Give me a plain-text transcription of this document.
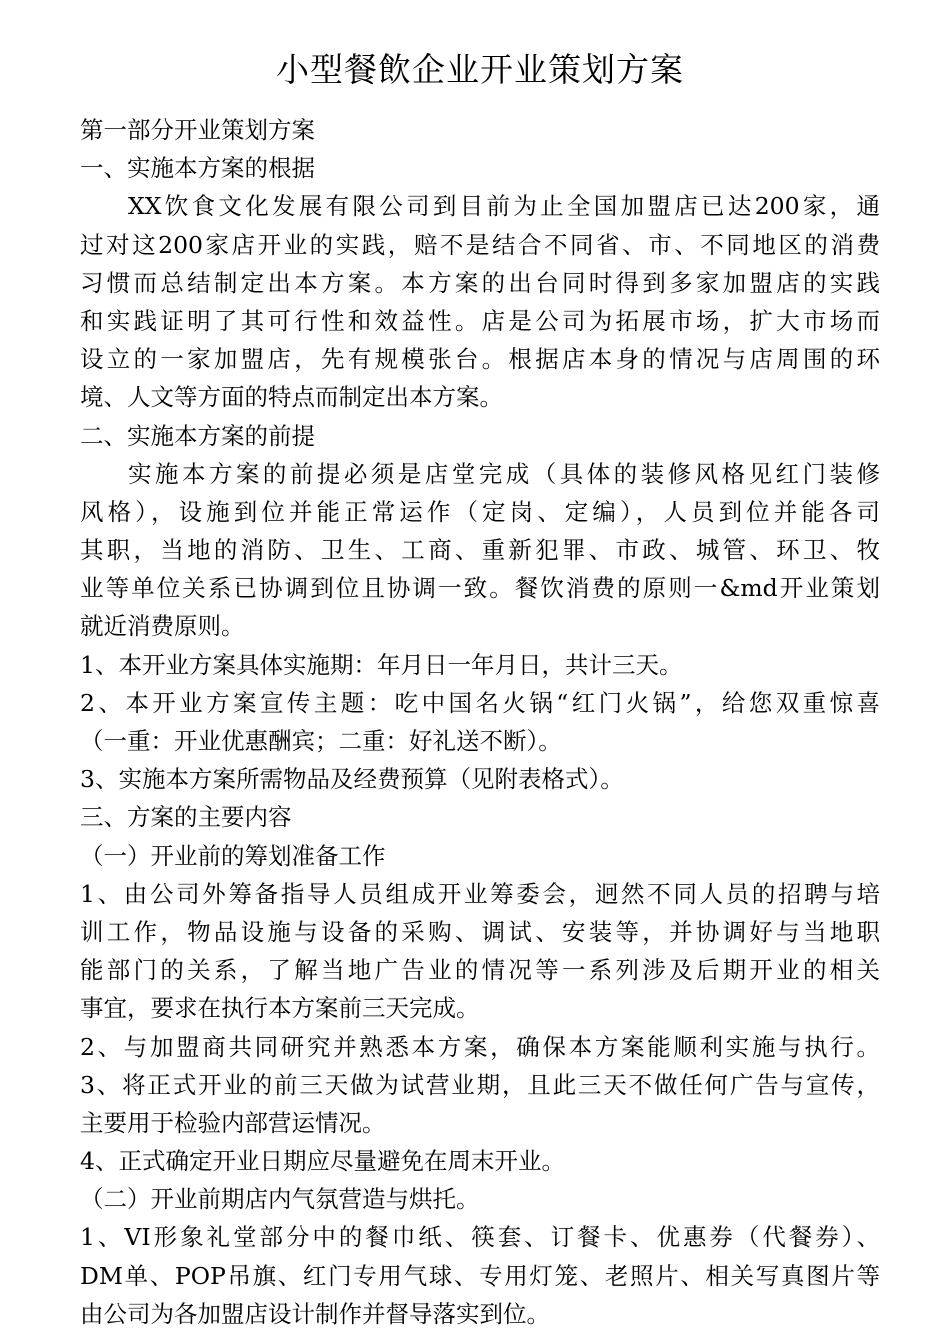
小型餐飲企业开业策划方案
第一部分开业策划方案
一、实施本方案的根据
XX饮食文化发展有限公司到目前为止全国加盟店已达200家，通
过对这200家店开业的实践，赔不是结合不同省、市、不同地区的消费
习惯而总结制定出本方案。本方案的出台同时得到多家加盟店的实践
和实践证明了其可行性和效益性。店是公司为拓展市场，扩大市场而
设立的一家加盟店，先有规模张台。根据店本身的情况与店周围的环
境、人文等方面的特点而制定出本方案。
二、实施本方案的前提
实施本方案的前提必须是店堂完成（具体的装修风格见红门装修
风格），设施到位并能正常运作（定岗、定编），人员到位并能各司
其职，当地的消防、卫生、工商、重新犯罪、市政、城管、环卫、牧
业等单位关系已协调到位且协调一致。餐饮消费的原则一&md开业策划
就近消费原则。
1、本开业方案具体实施期：年月日一年月日，共计三天。
2、本开业方案宣传主题：吃中国名火锅“红门火锅”，给您双重惊喜
（一重：开业优惠酬宾；二重：好礼送不断）。
3、实施本方案所需物品及经费预算（见附表格式）。
三、方案的主要内容
（一）开业前的筹划准备工作
1、由公司外筹备指导人员组成开业筹委会，迥然不同人员的招聘与培
训工作，物品设施与设备的采购、调试、安装等，并协调好与当地职
能部门的关系，了解当地广告业的情况等一系列涉及后期开业的相关
事宜，要求在执行本方案前三天完成。
2、与加盟商共同研究并熟悉本方案，确保本方案能顺利实施与执行。
3、将正式开业的前三天做为试营业期，且此三天不做任何广告与宣传，
主要用于检验内部营运情况。
4、正式确定开业日期应尽量避免在周末开业。
（二）开业前期店内气氛营造与烘托。
1、VI形象礼堂部分中的餐巾纸、筷套、订餐卡、优惠券（代餐券）、
DM单、POP吊旗、红门专用气球、专用灯笼、老照片、相关写真图片等
由公司为各加盟店设计制作并督导落实到位。
